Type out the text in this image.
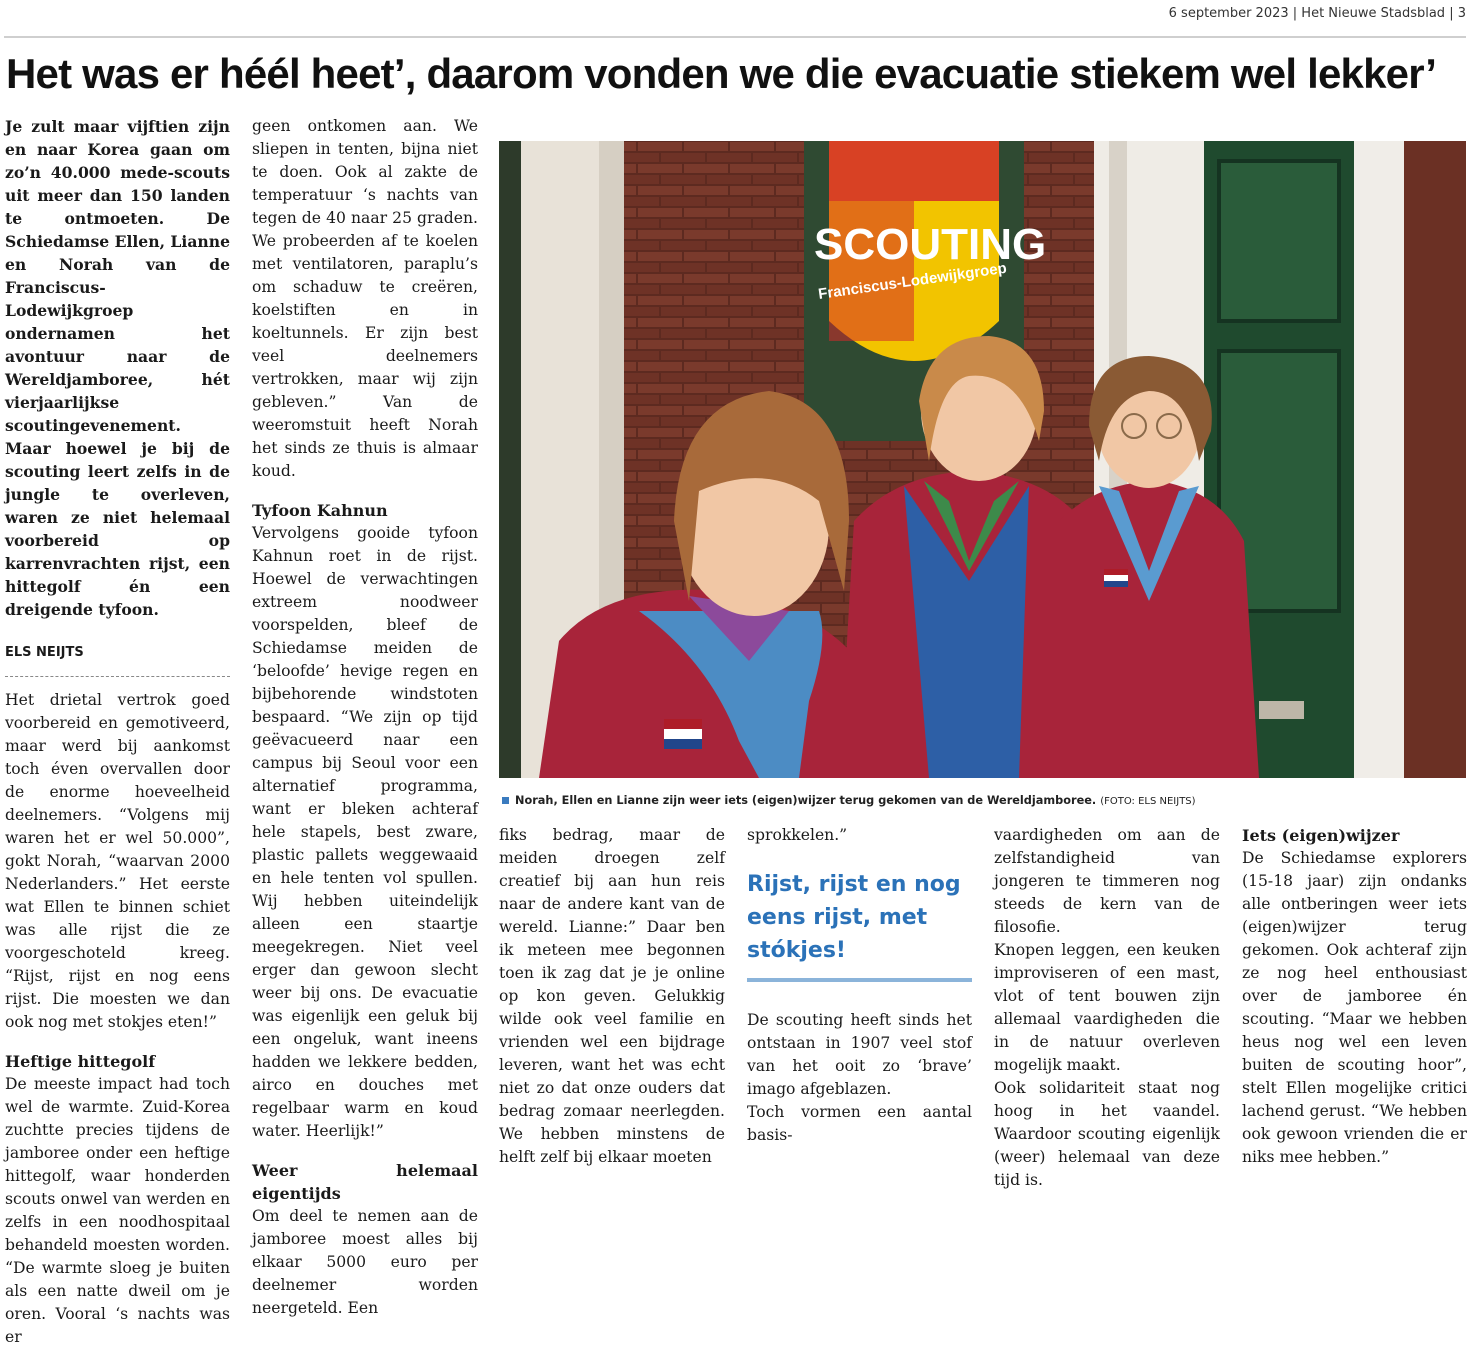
6 september 2023 | Het Nieuwe Stadsblad | 3
Het was er héél heet’, daarom vonden we die evacuatie stiekem wel lekker’

Je zult maar vijftien zijn en naar Korea gaan om zo’n 40.000 mede-scouts uit meer dan 150 landen te ontmoeten. De Schiedamse Ellen, Lianne en Norah van de Franciscus-Lodewijkgroep ondernamen het avontuur naar de Wereldjamboree, hét vierjaarlijkse scoutingevenement. Maar hoewel je bij de scouting leert zelfs in de jungle te overleven, waren ze niet helemaal voorbereid op karrenvrachten rijst, een hittegolf én een dreigende tyfoon.

ELS NEIJTS

Het drietal vertrok goed voorbereid en gemotiveerd, maar werd bij aankomst toch éven overvallen door de enorme hoeveelheid deelnemers. “Volgens mij waren het er wel 50.000”, gokt Norah, “waarvan 2000 Nederlanders.” Het eerste wat Ellen te binnen schiet was alle rijst die ze voorgeschoteld kreeg. “Rijst, rijst en nog eens rijst. Die moesten we dan ook nog met stokjes eten!”

Heftige hittegolf

De meeste impact had toch wel de warmte. Zuid-Korea zuchtte precies tijdens de jamboree onder een heftige hittegolf, waar honderden scouts onwel van werden en zelfs in een noodhospitaal behandeld moesten worden. “De warmte sloeg je buiten als een natte dweil om je oren. Vooral ‘s nachts was er

geen ontkomen aan. We sliepen in tenten, bijna niet te doen. Ook al zakte de temperatuur ‘s nachts van tegen de 40 naar 25 graden. We probeerden af te koelen met ventilatoren, paraplu’s om schaduw te creëren, koelstiften en in koeltunnels. Er zijn best veel deelnemers vertrokken, maar wij zijn gebleven.” Van de weeromstuit heeft Norah het sinds ze thuis is almaar koud.

Tyfoon Kahnun

Vervolgens gooide tyfoon Kahnun roet in de rijst. Hoewel de verwachtingen extreem noodweer voorspelden, bleef de Schiedamse meiden de ‘beloofde’ hevige regen en bijbehorende windstoten bespaard. “We zijn op tijd geëvacueerd naar een campus bij Seoul voor een alternatief programma, want er bleken achteraf hele stapels, best zware, plastic pallets weggewaaid en hele tenten vol spullen. Wij hebben uiteindelijk alleen een staartje meegekregen. Niet veel erger dan gewoon slecht weer bij ons. De evacuatie was eigenlijk een geluk bij een ongeluk, want ineens hadden we lekkere bedden, airco en douches met regelbaar warm en koud water. Heerlijk!”

Weer helemaal eigentijds

Om deel te nemen aan de jamboree moest alles bij elkaar 5000 euro per deelnemer worden neergeteld. Een

SCOUTING
Franciscus-Lodewijkgroep
Norah, Ellen en Lianne zijn weer iets (eigen)wijzer terug gekomen van de Wereldjamboree. (FOTO: ELS NEIJTS)

fiks bedrag, maar de meiden droegen zelf creatief bij aan hun reis naar de andere kant van de wereld. Lianne:” Daar ben ik meteen mee begonnen toen ik zag dat je je online op kon geven. Gelukkig wilde ook veel familie en vrienden wel een bijdrage leveren, want het was echt niet zo dat onze ouders dat bedrag zomaar neerlegden. We hebben minstens de helft zelf bij elkaar moeten

sprokkelen.”

Rijst, rijst en nog eens rijst, met stókjes!

De scouting heeft sinds het ontstaan in 1907 veel stof van het ooit zo ‘brave’ imago afgeblazen.

Toch vormen een aantal basis-

vaardigheden om aan de zelfstandigheid van jongeren te timmeren nog steeds de kern van de filosofie.

Knopen leggen, een keuken improviseren of een mast, vlot of tent bouwen zijn allemaal vaardigheden die in de natuur overleven mogelijk maakt.

Ook solidariteit staat nog hoog in het vaandel. Waardoor scouting eigenlijk (weer) helemaal van deze tijd is.

Iets (eigen)wijzer

De Schiedamse explorers (15-18 jaar) zijn ondanks alle ontberingen weer iets (eigen)wijzer terug gekomen. Ook achteraf zijn ze nog heel enthousiast over de jamboree én scouting. “Maar we hebben heus nog wel een leven buiten de scouting hoor”, stelt Ellen mogelijke critici lachend gerust. “We hebben ook gewoon vrienden die er niks mee hebben.”
